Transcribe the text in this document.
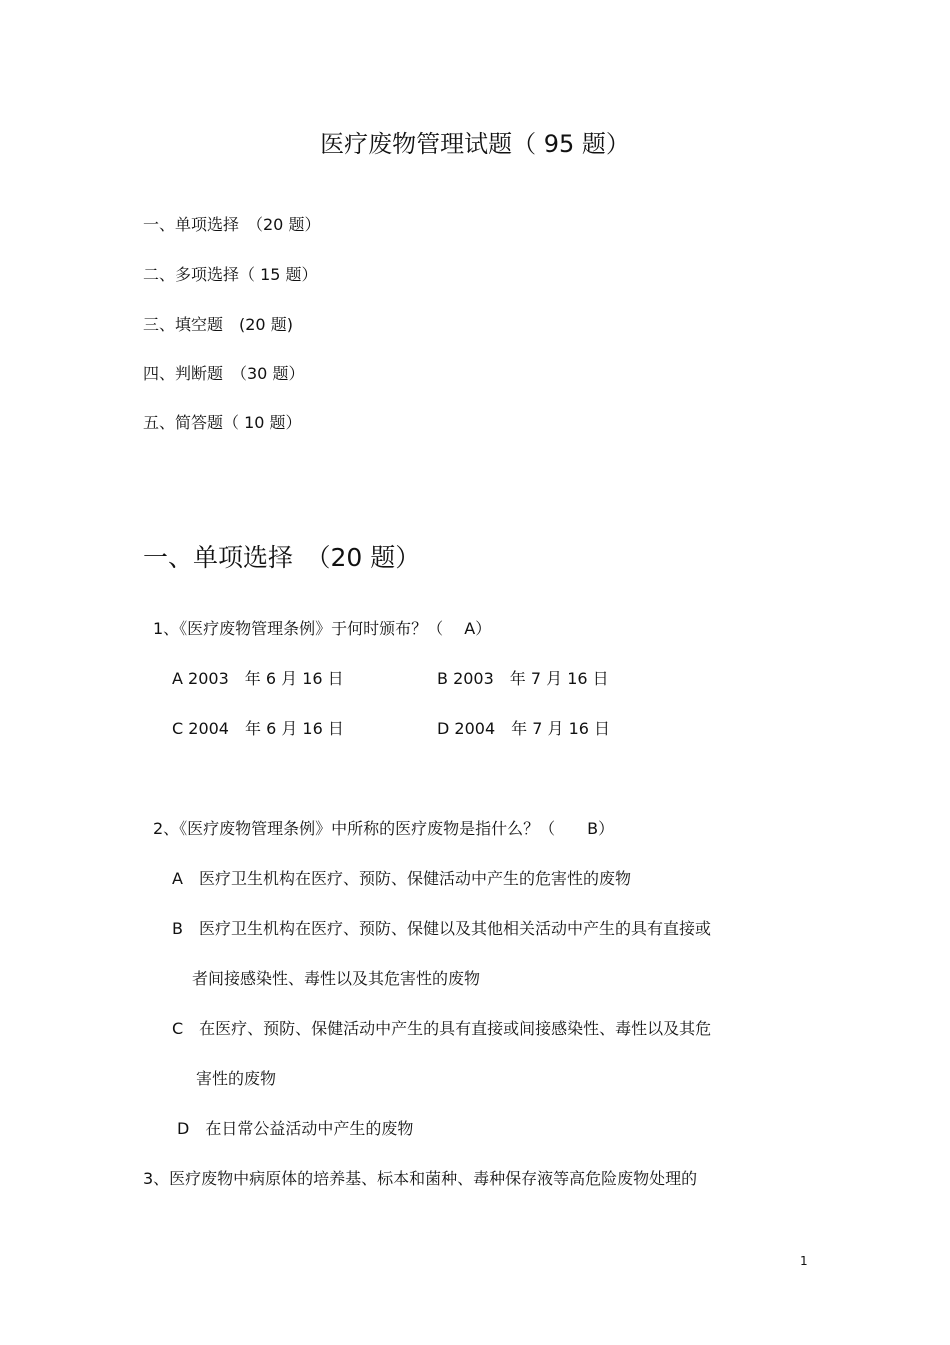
医疗废物管理试题（ 95 题）
一、单项选择　（20 题）
二、多项选择（ 15 题）
三、填空题　(20 题)
四、判断题　（30 题）
五、简答题（ 10 题）
一、单项选择　（20 题）
1、《医疗废物管理条例》于何时颁布？（　 A）
A 2003　年 6 月 16 日	B 2003　年 7 月 16 日
C 2004　年 6 月 16 日	D 2004　年 7 月 16 日
2、《医疗废物管理条例》中所称的医疗废物是指什么？（　　B）
A　医疗卫生机构在医疗、预防、保健活动中产生的危害性的废物
B　医疗卫生机构在医疗、预防、保健以及其他相关活动中产生的具有直接或
者间接感染性、毒性以及其危害性的废物
C　在医疗、预防、保健活动中产生的具有直接或间接感染性、毒性以及其危
害性的废物
D　在日常公益活动中产生的废物
3、医疗废物中病原体的培养基、标本和菌种、毒种保存液等高危险废物处理的
1
